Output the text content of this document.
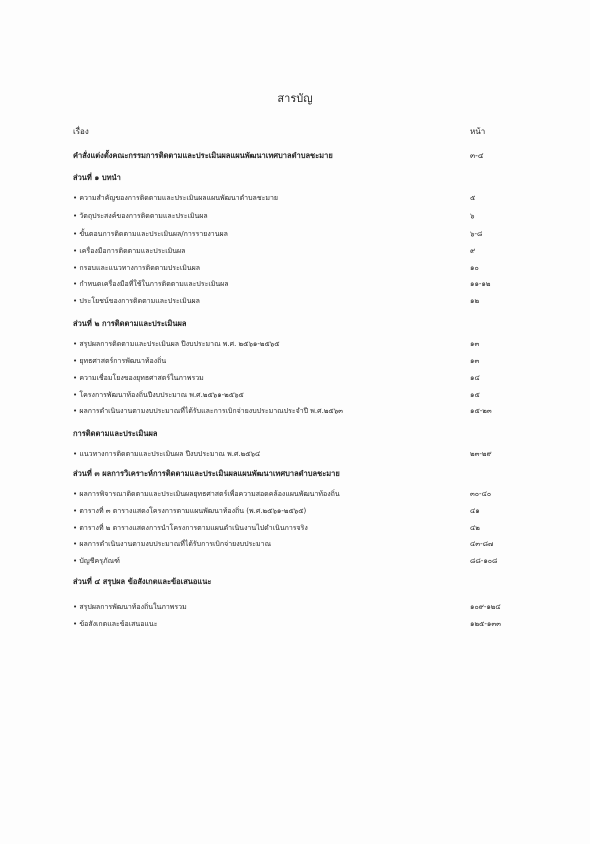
สารบัญ
เรื่อง	หน้า
คำสั่งแต่งตั้งคณะกรรมการติดตามและประเมินผลแผนพัฒนาเทศบาลตำบลชะมาย	๓-๔
ส่วนที่ ๑ บทนำ
• ความสำคัญของการติดตามและประเมินผลแผนพัฒนาตำบลชะมาย	๕
• วัตถุประสงค์ของการติดตามและประเมินผล	๖
• ขั้นตอนการติดตามและประเมินผล/การรายงานผล	๖-๘
• เครื่องมือการติดตามและประเมินผล	๙
• กรอบและแนวทางการติดตามประเมินผล	๑๐
• กำหนดเครื่องมือที่ใช้ในการติดตามและประเมินผล	๑๑-๑๒
• ประโยชน์ของการติดตามและประเมินผล	๑๒
ส่วนที่ ๒ การติดตามและประเมินผล
• สรุปผลการติดตามและประเมินผล ปีงบประมาณ พ.ศ. ๒๕๖๑-๒๕๖๕	๑๓
• ยุทธศาสตร์การพัฒนาท้องถิ่น	๑๓
• ความเชื่อมโยงของยุทธศาสตร์ในภาพรวม	๑๔
• โครงการพัฒนาท้องถิ่นปีงบประมาณ พ.ศ.๒๕๖๑-๒๕๖๕	๑๕
• ผลการดำเนินงานตามงบประมาณที่ได้รับและการเบิกจ่ายงบประมาณประจำปี พ.ศ.๒๕๖๓	๑๕-๒๓
การติดตามและประเมินผล
• แนวทางการติดตามและประเมินผล ปีงบประมาณ พ.ศ.๒๕๖๔	๒๓-๒๙
ส่วนที่ ๓ ผลการวิเคราะห์การติดตามและประเมินผลแผนพัฒนาเทศบาลตำบลชะมาย
• ผลการพิจารณาติดตามและประเมินผลยุทธศาสตร์เพื่อความสอดคล้องแผนพัฒนาท้องถิ่น	๓๐-๔๐
• ตารางที่ ๓ ตารางแสดงโครงการตามแผนพัฒนาท้องถิ่น (พ.ศ.๒๕๖๑-๒๕๖๕)	๔๑
• ตารางที่ ๒ ตารางแสดงการนำโครงการตามแผนดำเนินงานไปดำเนินการจริง	๔๒
• ผลการดำเนินงานตามงบประมาณที่ได้รับการเบิกจ่ายงบประมาณ	๔๓-๘๗
• บัญชีครุภัณฑ์	๘๘-๑๐๘
ส่วนที่ ๔ สรุปผล ข้อสังเกตและข้อเสนอแนะ
• สรุปผลการพัฒนาท้องถิ่นในภาพรวม	๑๐๙-๑๒๔
• ข้อสังเกตและข้อเสนอแนะ	๑๒๕-๑๓๓
